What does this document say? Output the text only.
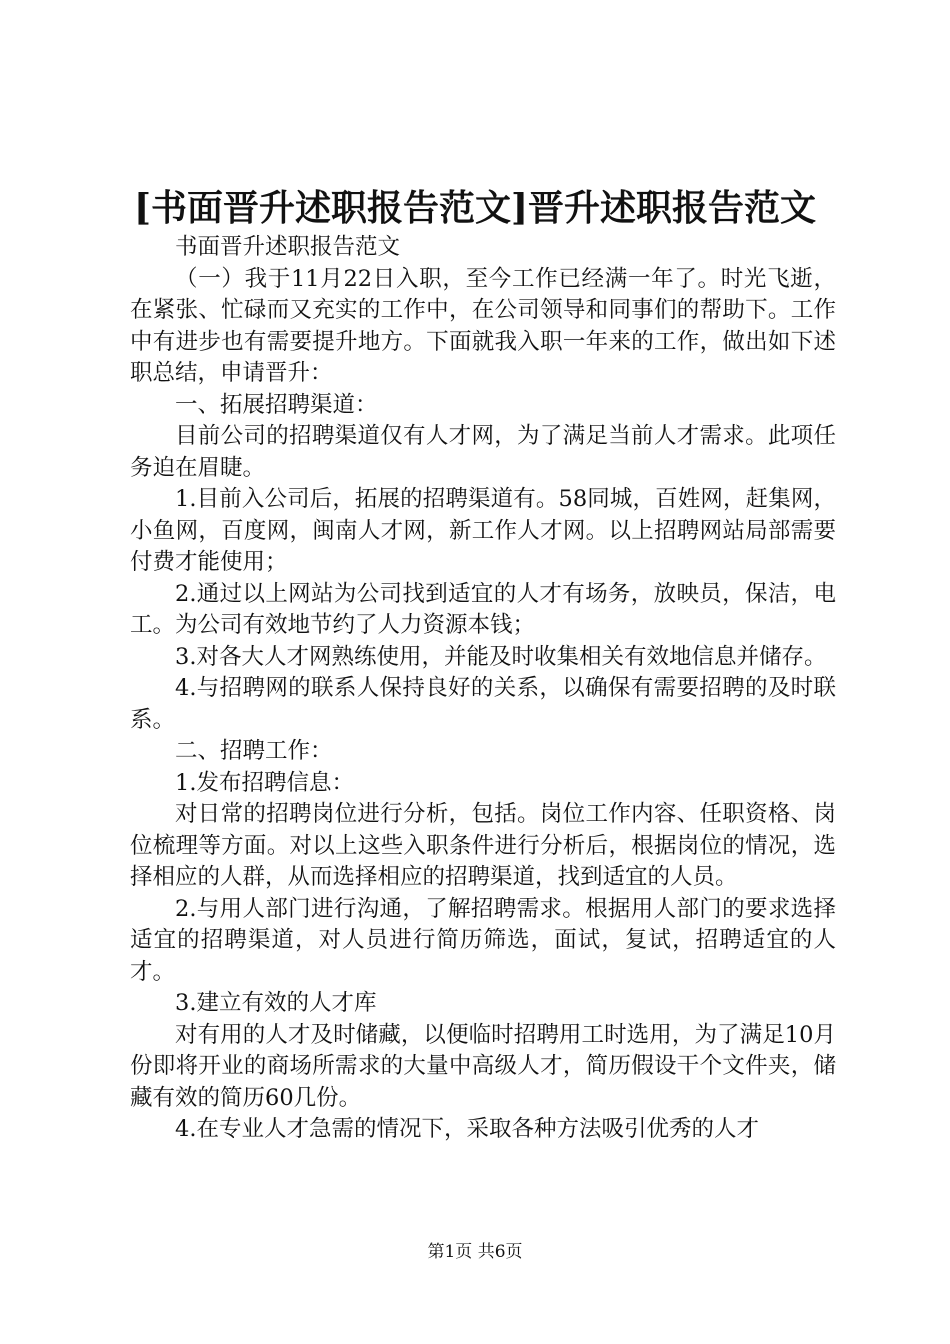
[书面晋升述职报告范文]晋升述职报告范文

书面晋升述职报告范文

（一）我于11月22日入职，至今工作已经满一年了。时光飞逝，在紧张、忙碌而又充实的工作中，在公司领导和同事们的帮助下。工作中有进步也有需要提升地方。下面就我入职一年来的工作，做出如下述职总结，申请晋升：

一、拓展招聘渠道：

目前公司的招聘渠道仅有人才网，为了满足当前人才需求。此项任务迫在眉睫。

1.目前入公司后，拓展的招聘渠道有。58同城，百姓网，赶集网，小鱼网，百度网，闽南人才网，新工作人才网。以上招聘网站局部需要付费才能使用；

2.通过以上网站为公司找到适宜的人才有场务，放映员，保洁，电工。为公司有效地节约了人力资源本钱；

3.对各大人才网熟练使用，并能及时收集相关有效地信息并储存。

4.与招聘网的联系人保持良好的关系，以确保有需要招聘的及时联系。

二、招聘工作：

1.发布招聘信息：

对日常的招聘岗位进行分析，包括。岗位工作内容、任职资格、岗位梳理等方面。对以上这些入职条件进行分析后，根据岗位的情况，选择相应的人群，从而选择相应的招聘渠道，找到适宜的人员。

2.与用人部门进行沟通，了解招聘需求。根据用人部门的要求选择适宜的招聘渠道，对人员进行简历筛选，面试，复试，招聘适宜的人才。

3.建立有效的人才库

对有用的人才及时储藏，以便临时招聘用工时选用，为了满足10月份即将开业的商场所需求的大量中高级人才，简历假设干个文件夹，储藏有效的简历60几份。

4.在专业人才急需的情况下，采取各种方法吸引优秀的人才

第1页 共6页
